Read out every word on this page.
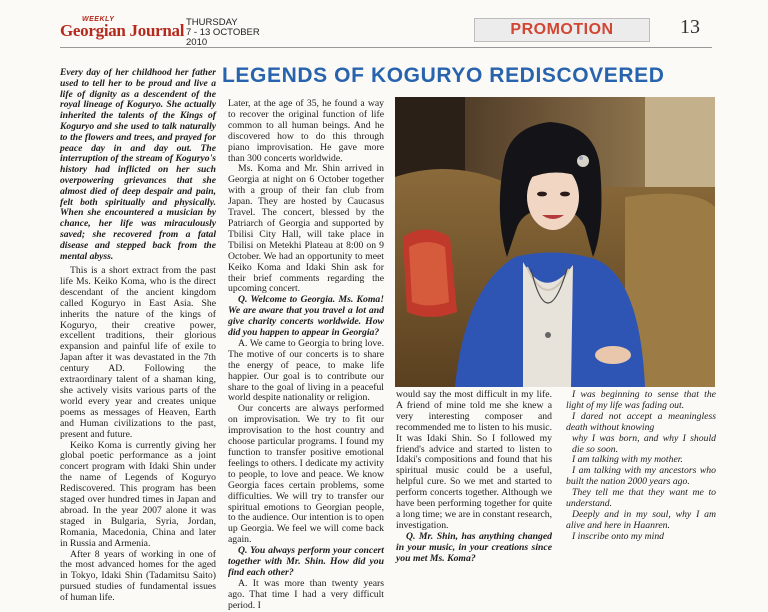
WEEKLY
Georgian Journal THURSDAY
7 - 13 OCTOBER
2010
PROMOTION	13
LEGENDS OF KOGURYO REDISCOVERED

Every day of her childhood her father used to tell her to be proud and live a life of dignity as a descendent of the royal lineage of Koguryo. She actually inherited the talents of the Kings of Koguryo and she used to talk naturally to the flowers and trees, and prayed for peace day in and day out. The interruption of the stream of Koguryo's history had inflicted on her such overpowering grievances that she almost died of deep despair and pain, felt both spiritually and physically. When she encountered a musician by chance, her life was miraculously saved; she recovered from a fatal disease and stepped back from the mental abyss.

This is a short extract from the past life Ms. Keiko Koma, who is the direct descendant of the ancient kingdom called Koguryo in East Asia. She inherits the nature of the kings of Koguryo, their creative power, excellent traditions, their glorious expansion and painful life of exile to Japan after it was devastated in the 7th century AD. Following the extraordinary talent of a shaman king, she actively visits various parts of the world every year and creates unique poems as messages of Heaven, Earth and Human civilizations to the past, present and future.

Keiko Koma is currently giving her global poetic performance as a joint concert program with Idaki Shin under the name of Legends of Koguryo Rediscovered. This program has been staged over hundred times in Japan and abroad. In the year 2007 alone it was staged in Bulgaria, Syria, Jordan, Romania, Macedonia, China and later in Russia and Armenia.

After 8 years of working in one of the most advanced homes for the aged in Tokyo, Idaki Shin (Tadamitsu Saito) pursued studies of fundamental issues of human life.

Later, at the age of 35, he found a way to recover the original function of life common to all human beings. And he discovered how to do this through piano improvisation. He gave more than 300 concerts worldwide.

Ms. Koma and Mr. Shin arrived in Georgia at night on 6 October together with a group of their fan club from Japan. They are hosted by Caucasus Travel. The concert, blessed by the Patriarch of Georgia and supported by Tbilisi City Hall, will take place in Tbilisi on Metekhi Plateau at 8:00 on 9 October. We had an opportunity to meet Keiko Koma and Idaki Shin ask for their brief comments regarding the upcoming concert.

Q. Welcome to Georgia. Ms. Koma! We are aware that you travel a lot and give charity concerts worldwide. How did you happen to appear in Georgia?

A. We came to Georgia to bring love. The motive of our concerts is to share the energy of peace, to make life happier. Our goal is to contribute our share to the goal of living in a peaceful world despite nationality or religion.

Our concerts are always performed on improvisation. We try to fit our improvisation to the host country and choose particular programs. I found my function to transfer positive emotional feelings to others. I dedicate my activity to people, to love and peace. We know Georgia faces certain problems, some difficulties. We will try to transfer our spiritual emotions to Georgian people, to the audience. Our intention is to open up Georgia. We feel we will come back again.

Q. You always perform your concert together with Mr. Shin. How did you find each other?

A. It was more than twenty years ago. That time I had a very difficult period. I

would say the most difficult in my life. A friend of mine told me she knew a very interesting composer and recommended me to listen to his music. It was Idaki Shin. So I followed my friend's advice and started to listen to Idaki's compositions and found that his spiritual music could be a useful, helpful cure. So we met and started to perform concerts together. Although we have been performing together for quite a long time; we are in constant research, investigation.

Q. Mr. Shin, has anything changed in your music, in your creations since you met Ms. Koma?

I was beginning to sense that the light of my life was fading out.

I dared not accept a meaningless death without knowing

why I was born, and why I should die so soon.

I am talking with my mother.

I am talking with my ancestors who built the nation 2000 years ago.

They tell me that they want me to understand.

Deeply and in my soul, why I am alive and here in Haanren.

I inscribe onto my mind
